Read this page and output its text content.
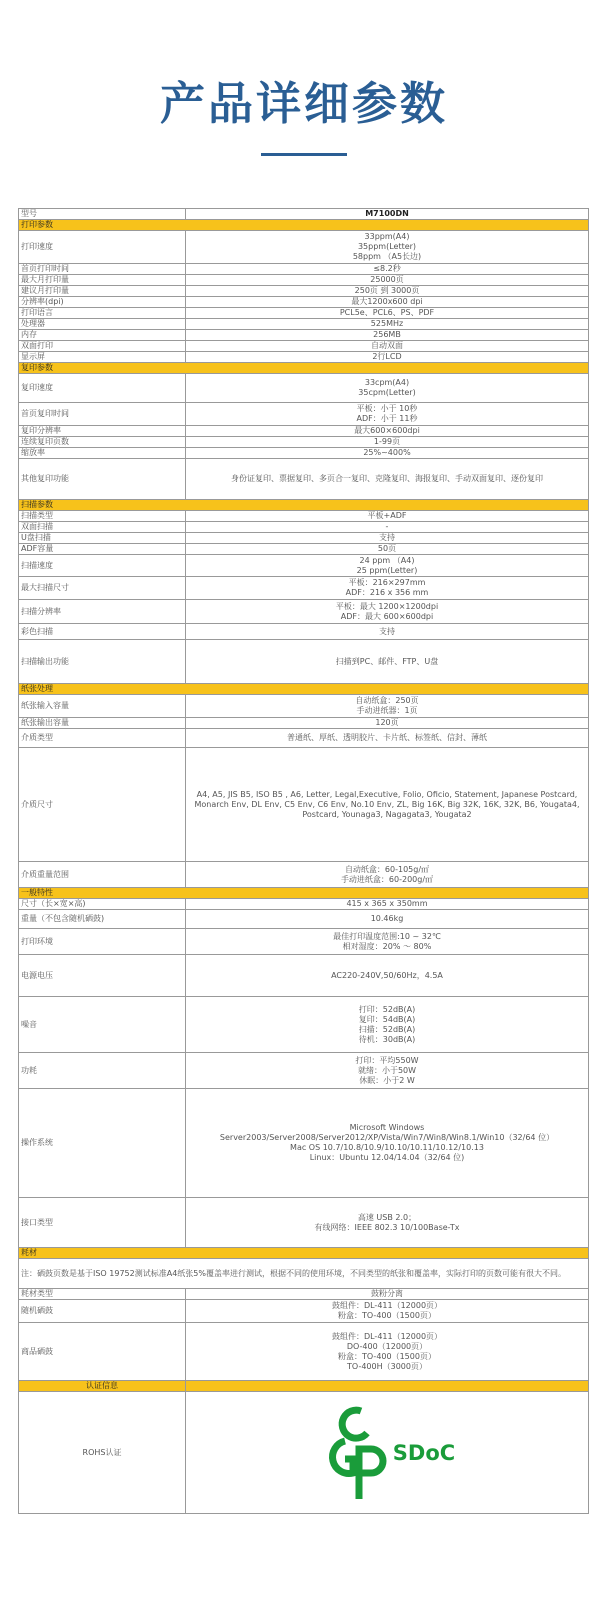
产品详细参数
型号	M7100DN
打印参数	
打印速度	33ppm(A4)
35ppm(Letter)
58ppm （A5长边)
首页打印时间	≤8.2秒
最大月打印量	25000页
建议月打印量	250页 到 3000页
分辨率(dpi)	最大1200x600 dpi
打印语言	PCL5e、PCL6、PS、PDF
处理器	525MHz
内存	256MB
双面打印	自动双面
显示屏	2行LCD
复印参数	
复印速度	33cpm(A4)
35cpm(Letter)
首页复印时间	平板：小于 10秒
ADF：小于 11秒
复印分辨率	最大600×600dpi
连续复印页数	1-99页
缩放率	25%~400%
其他复印功能	身份证复印、票据复印、多页合一复印、克隆复印、海报复印、手动双面复印、逐份复印
扫描参数	
扫描类型	平板+ADF
双面扫描	-
U盘扫描	支持
ADF容量	50页
扫描速度	24 ppm （A4)
25 ppm(Letter)
最大扫描尺寸	平板：216×297mm
ADF：216 x 356 mm
扫描分辨率	平板：最大 1200×1200dpi
ADF：最大 600×600dpi
彩色扫描	支持
扫描输出功能	扫描到PC、邮件、FTP、U盘
纸张处理	
纸张输入容量	自动纸盒：250页
手动进纸器：1页
纸张输出容量	120页
介质类型	普通纸、厚纸、透明胶片、卡片纸、标签纸、信封、薄纸
介质尺寸	A4, A5, JIS B5, ISO B5 , A6, Letter, Legal,Executive, Folio, Oficio, Statement, Japanese Postcard,
Monarch Env, DL Env, C5 Env, C6 Env, No.10 Env, ZL, Big 16K, Big 32K, 16K, 32K, B6, Yougata4,
Postcard, Younaga3, Nagagata3, Yougata2
介质重量范围	自动纸盒：60-105g/㎡
手动进纸盒：60-200g/㎡
一般特性	
尺寸（长×宽×高)	415 x 365 x 350mm
重量（不包含随机硒鼓)	10.46kg
打印环境	最佳打印温度范围:10 ~ 32℃
相对湿度：20% ～ 80%
电源电压	AC220-240V,50/60Hz，4.5A
噪音	打印：52dB(A)
复印：54dB(A)
扫描：52dB(A)
待机：30dB(A)
功耗	打印：平均550W
就绪：小于50W
休眠：小于2 W
操作系统	Microsoft Windows
Server2003/Server2008/Server2012/XP/Vista/Win7/Win8/Win8.1/Win10（32/64 位）
Mac OS 10.7/10.8/10.9/10.10/10.11/10.12/10.13
Linux：Ubuntu 12.04/14.04（32/64 位)
接口类型	高速 USB 2.0；
有线网络：IEEE 802.3 10/100Base-Tx
耗材	
注：硒鼓页数是基于ISO 19752测试标准A4纸张5%覆盖率进行测试，根据不同的使用环境，不同类型的纸张和覆盖率，实际打印的页数可能有很大不同。	
耗材类型	鼓粉分离
随机硒鼓	鼓组件：DL-411（12000页）
粉盒：TO-400（1500页）
商品硒鼓	鼓组件：DL-411（12000页）
DO-400（12000页）
粉盒：TO-400（1500页）
TO-400H（3000页）
认证信息	
ROHS认证	SDoC
